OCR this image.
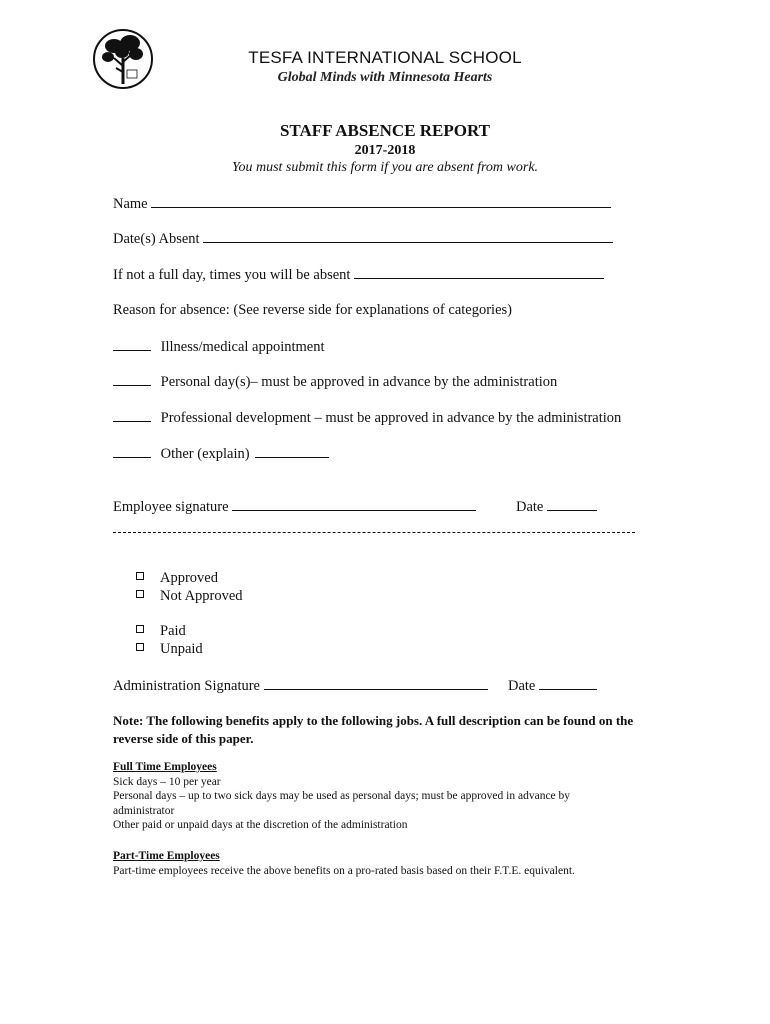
TESFA INTERNATIONAL SCHOOL
Global Minds with Minnesota Hearts
STAFF ABSENCE REPORT
2017-2018
You must submit this form if you are absent from work.
Name
Date(s) Absent
If not a full day, times you will be absent
Reason for absence: (See reverse side for explanations of categories)
Illness/medical appointment
Personal day(s)– must be approved in advance by the administration
Professional development – must be approved in advance by the administration
Other (explain)
Employee signature	Date
Approved
Not Approved
Paid
Unpaid
Administration Signature	Date
Note: The following benefits apply to the following jobs. A full description can be found on the reverse side of this paper.
Full Time Employees
Sick days – 10 per year
Personal days – up to two sick days may be used as personal days; must be approved in advance by administrator
Other paid or unpaid days at the discretion of the administration
Part-Time Employees
Part-time employees receive the above benefits on a pro-rated basis based on their F.T.E. equivalent.
